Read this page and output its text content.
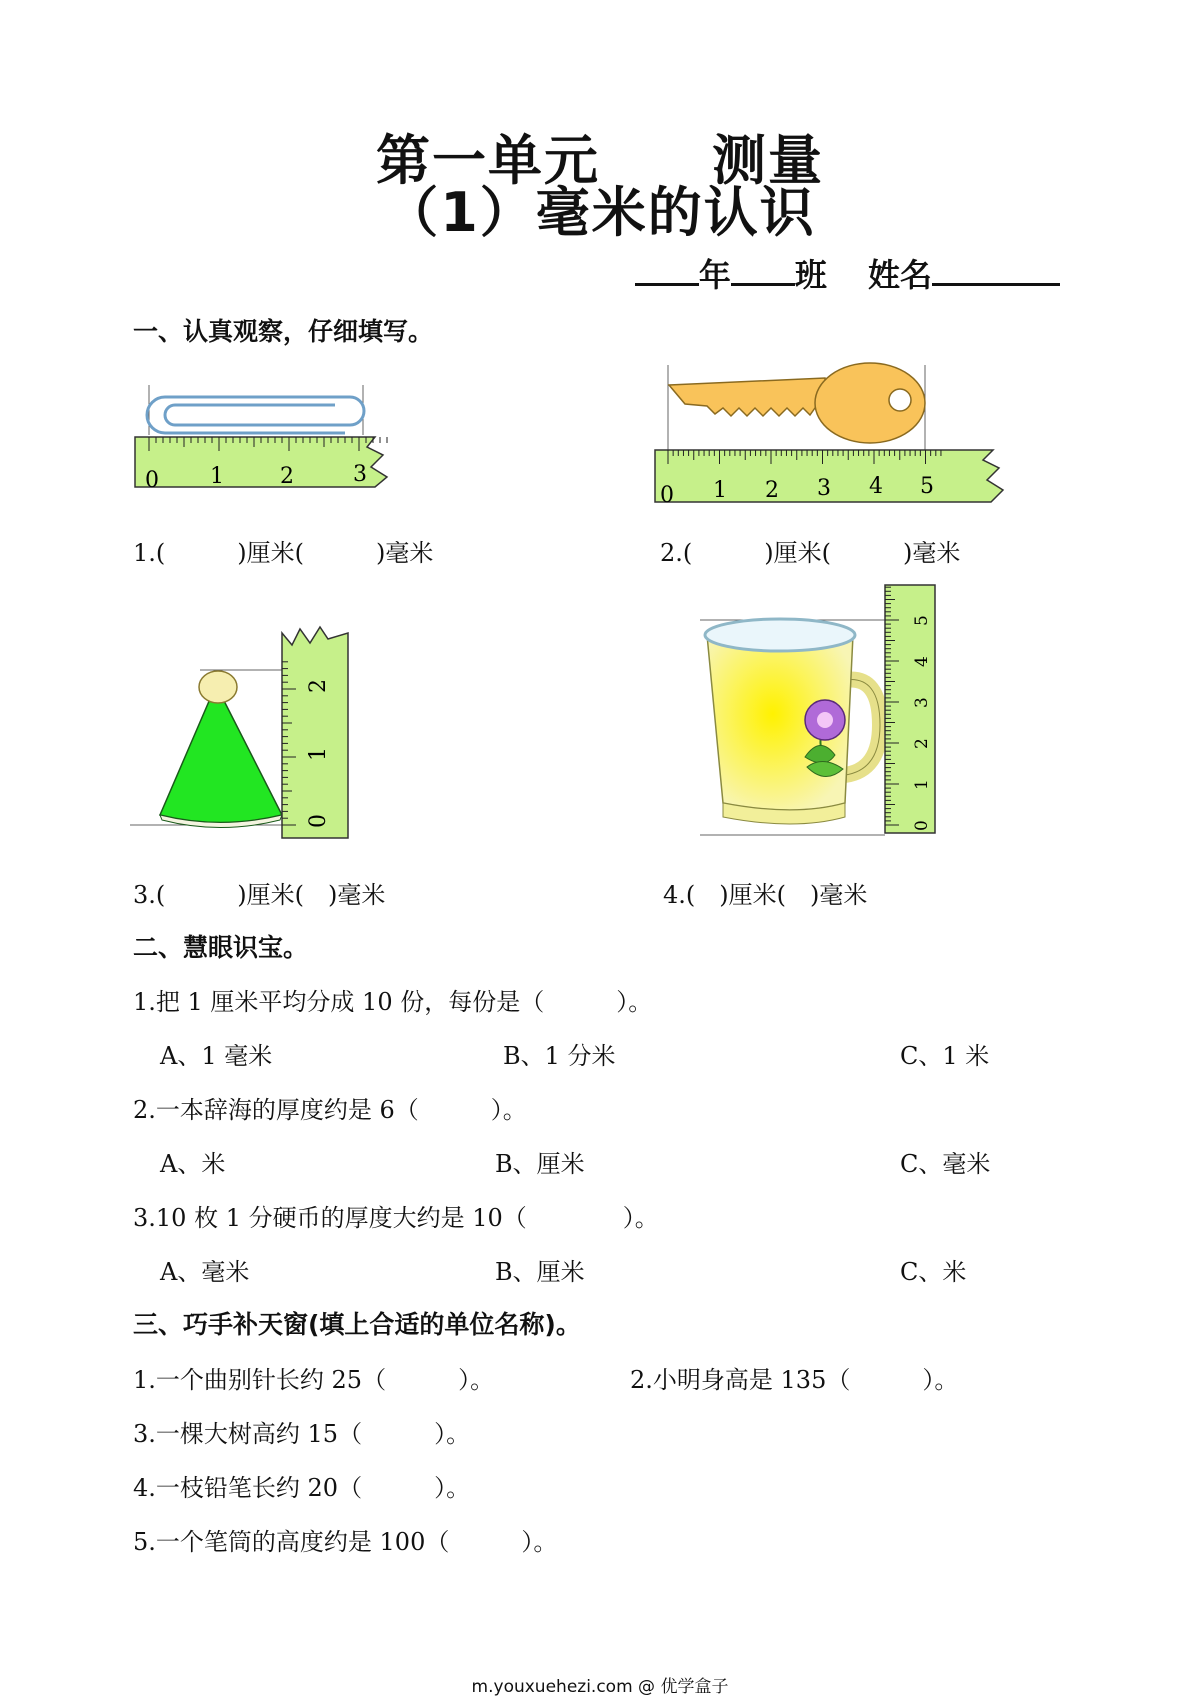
第一单元　　测量
（1）毫米的认识
年 班 姓名
一、认真观察，仔细填写。
0 1	2	3
0 1 2 3 4 5
1.(　　　)厘米(　　　)毫米	2.(　　　)厘米(　　　)毫米
0
1
2
0
1
2
3
4
5
3.(　　　)厘米(　)毫米	4.(　)厘米(　)毫米
二、慧眼识宝。
1.把 1 厘米平均分成 10 份，每份是（　　　）。
A、1 毫米	B、1 分米	C、1 米
2.一本辞海的厚度约是 6（　　　）。
A、米	B、厘米	C、毫米
3.10 枚 1 分硬币的厚度大约是 10（　　　　）。
A、毫米	B、厘米	C、米
三、巧手补天窗(填上合适的单位名称)。
1.一个曲别针长约 25（　　　）。	2.小明身高是 135（　　　）。
3.一棵大树高约 15（　　　）。
4.一枝铅笔长约 20（　　　）。
5.一个笔筒的高度约是 100（　　　）。
m.youxuehezi.com @ 优学盒子
